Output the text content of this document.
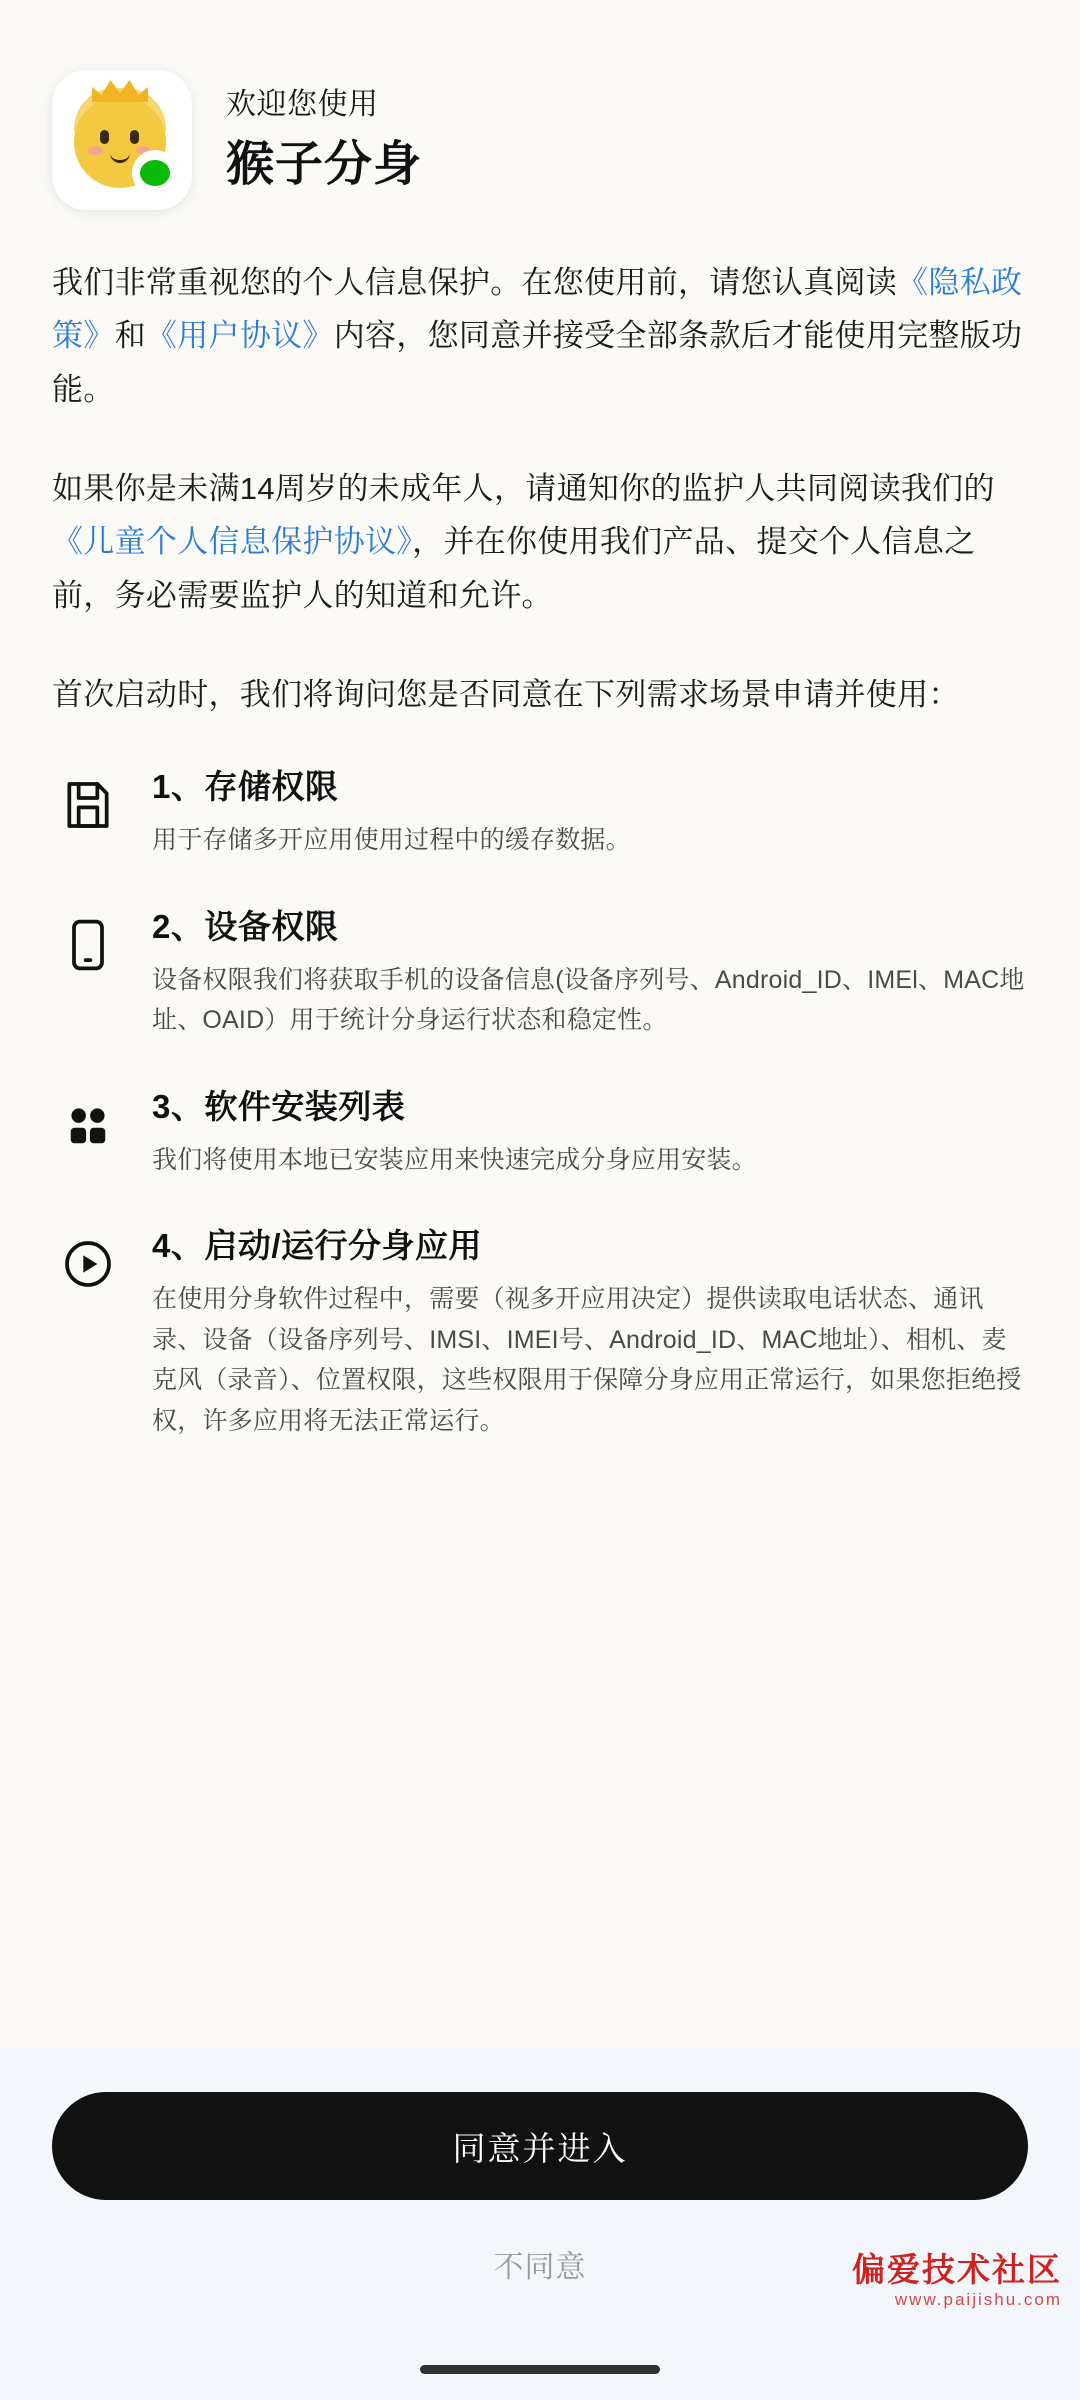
欢迎您使用
猴子分身

我们非常重视您的个人信息保护。在您使用前，请您认真阅读《隐私政策》和《用户协议》内容，您同意并接受全部条款后才能使用完整版功能。

如果你是未满14周岁的未成年人，请通知你的监护人共同阅读我们的《儿童个人信息保护协议》，并在你使用我们产品、提交个人信息之前，务必需要监护人的知道和允许。

首次启动时，我们将询问您是否同意在下列需求场景申请并使用：

1、存储权限
用于存储多开应用使用过程中的缓存数据。
2、设备权限
设备权限我们将获取手机的设备信息(设备序列号、Android_ID、IMEl、MAC地址、OAID）用于统计分身运行状态和稳定性。
3、软件安装列表
我们将使用本地已安装应用来快速完成分身应用安装。
4、启动/运行分身应用
在使用分身软件过程中，需要（视多开应用决定）提供读取电话状态、通讯录、设备（设备序列号、IMSI、IMEI号、Android_ID、MAC地址）、相机、麦克风（录音）、位置权限，这些权限用于保障分身应用正常运行，如果您拒绝授权，许多应用将无法正常运行。
同意并进入
不同意	偏爱技术社区
www.paijishu.com
